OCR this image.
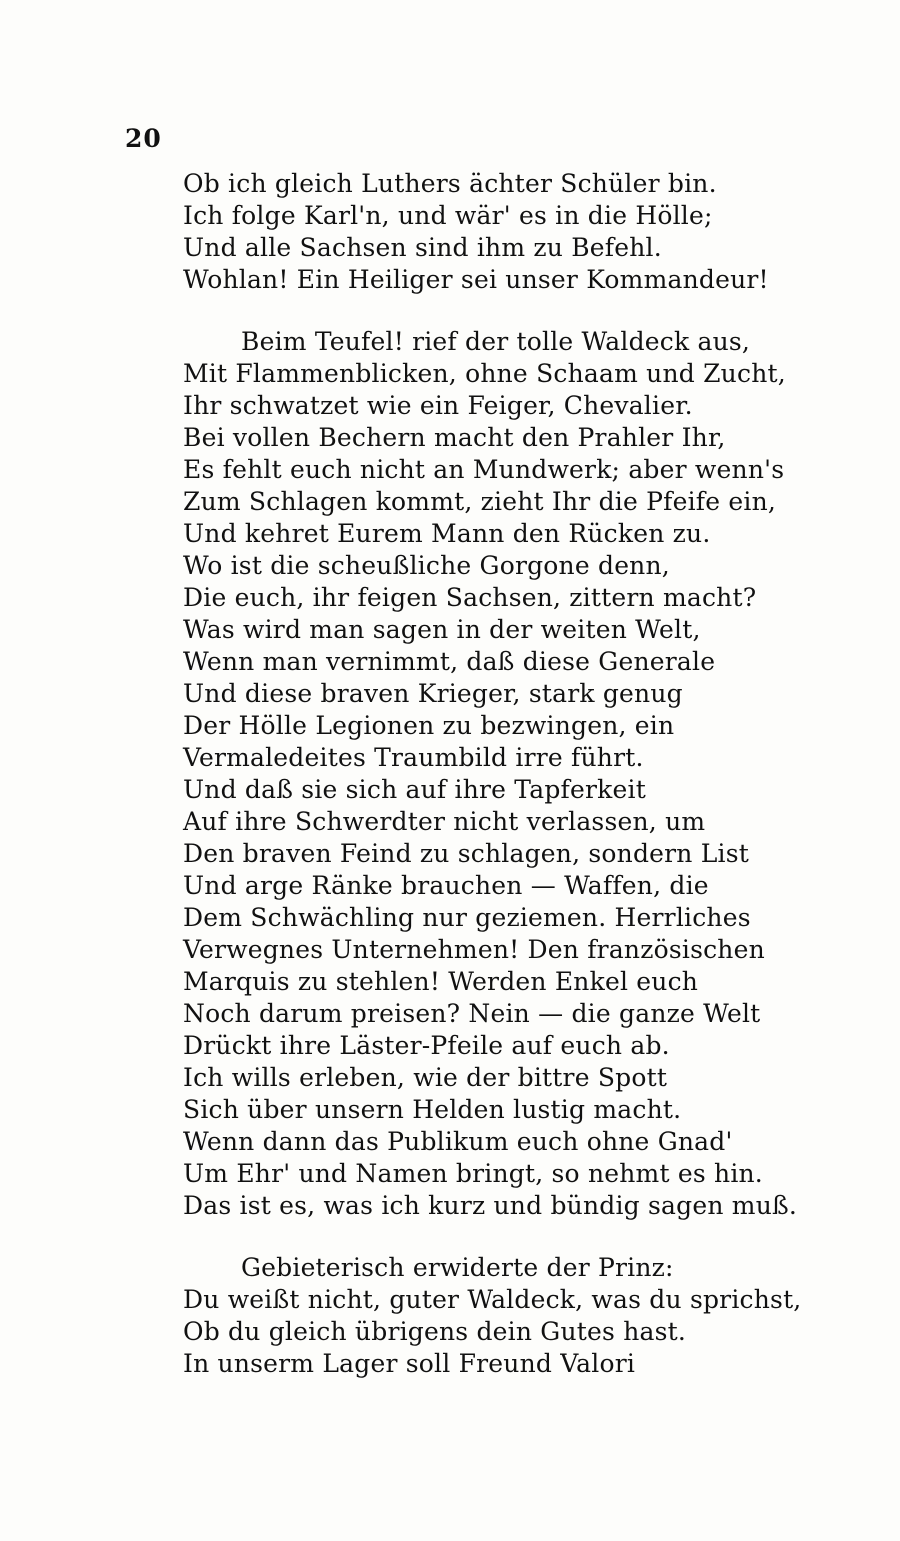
20
Ob ich gleich Luthers ächter Schüler bin.
Ich folge Karl'n, und wär' es in die Hölle;
Und alle Sachsen sind ihm zu Befehl.
Wohlan! Ein Heiliger sei unser Kommandeur!
Beim Teufel! rief der tolle Waldeck aus,
Mit Flammenblicken, ohne Schaam und Zucht,
Ihr schwatzet wie ein Feiger, Chevalier.
Bei vollen Bechern macht den Prahler Ihr,
Es fehlt euch nicht an Mundwerk; aber wenn's
Zum Schlagen kommt, zieht Ihr die Pfeife ein,
Und kehret Eurem Mann den Rücken zu.
Wo ist die scheußliche Gorgone denn,
Die euch, ihr feigen Sachsen, zittern macht?
Was wird man sagen in der weiten Welt,
Wenn man vernimmt, daß diese Generale
Und diese braven Krieger, stark genug
Der Hölle Legionen zu bezwingen, ein
Vermaledeites Traumbild irre führt.
Und daß sie sich auf ihre Tapferkeit
Auf ihre Schwerdter nicht verlassen, um
Den braven Feind zu schlagen, sondern List
Und arge Ränke brauchen — Waffen, die
Dem Schwächling nur geziemen. Herrliches
Verwegnes Unternehmen! Den französischen
Marquis zu stehlen! Werden Enkel euch
Noch darum preisen? Nein — die ganze Welt
Drückt ihre Läster-Pfeile auf euch ab.
Ich wills erleben, wie der bittre Spott
Sich über unsern Helden lustig macht.
Wenn dann das Publikum euch ohne Gnad'
Um Ehr' und Namen bringt, so nehmt es hin.
Das ist es, was ich kurz und bündig sagen muß.
Gebieterisch erwiderte der Prinz:
Du weißt nicht, guter Waldeck, was du sprichst,
Ob du gleich übrigens dein Gutes hast.
In unserm Lager soll Freund Valori
